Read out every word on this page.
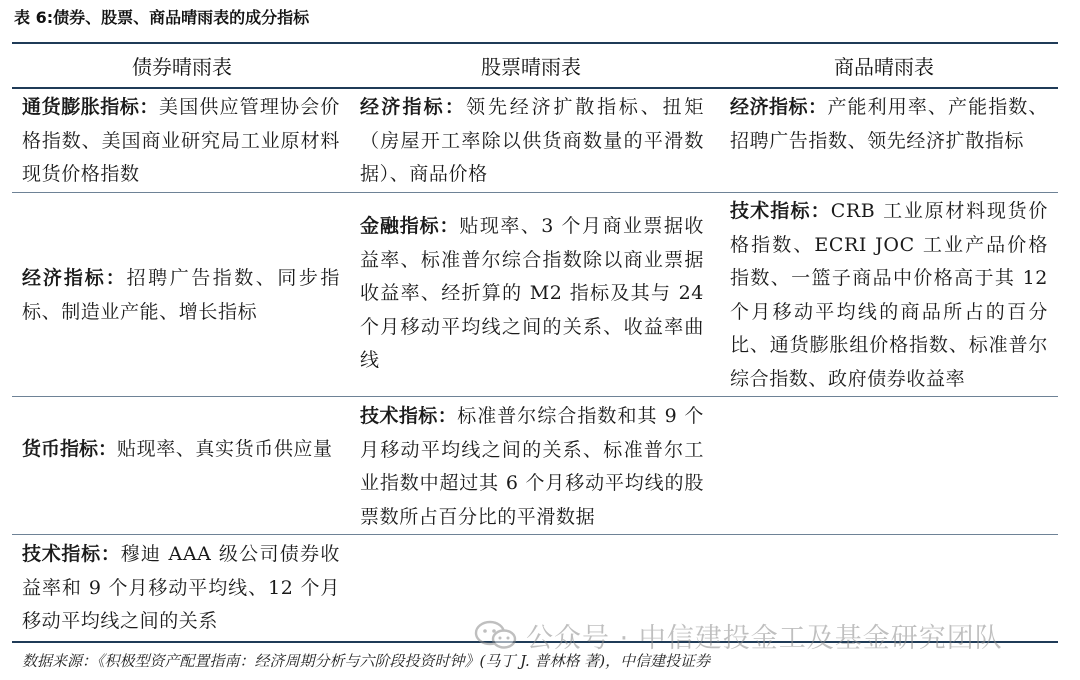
表 6:债券、股票、商品晴雨表的成分指标
债券晴雨表	股票晴雨表	商品晴雨表
通货膨胀指标：美国供应管理协会价格指数、美国商业研究局工业原材料现货价格指数
经济指标：招聘广告指数、同步指标、制造业产能、增长指标
货币指标：贴现率、真实货币供应量
技术指标：穆迪 AAA 级公司债券收益率和 9 个月移动平均线、12 个月移动平均线之间的关系
经济指标：领先经济扩散指标、扭矩（房屋开工率除以供货商数量的平滑数据）、商品价格
金融指标：贴现率、3 个月商业票据收益率、标准普尔综合指数除以商业票据收益率、经折算的 M2 指标及其与 24 个月移动平均线之间的关系、收益率曲线
技术指标：标准普尔综合指数和其 9 个月移动平均线之间的关系、标准普尔工业指数中超过其 6 个月移动平均线的股票数所占百分比的平滑数据
经济指标：产能利用率、产能指数、招聘广告指数、领先经济扩散指标
技术指标：CRB 工业原材料现货价格指数、ECRI JOC 工业产品价格指数、一篮子商品中价格高于其 12 个月移动平均线的商品所占的百分比、通货膨胀组价格指数、标准普尔综合指数、政府债券收益率
公众号 · 中信建投金工及基金研究团队
数据来源：《积极型资产配置指南：经济周期分析与六阶段投资时钟》(马丁 J. 普林格 著)，中信建投证券
